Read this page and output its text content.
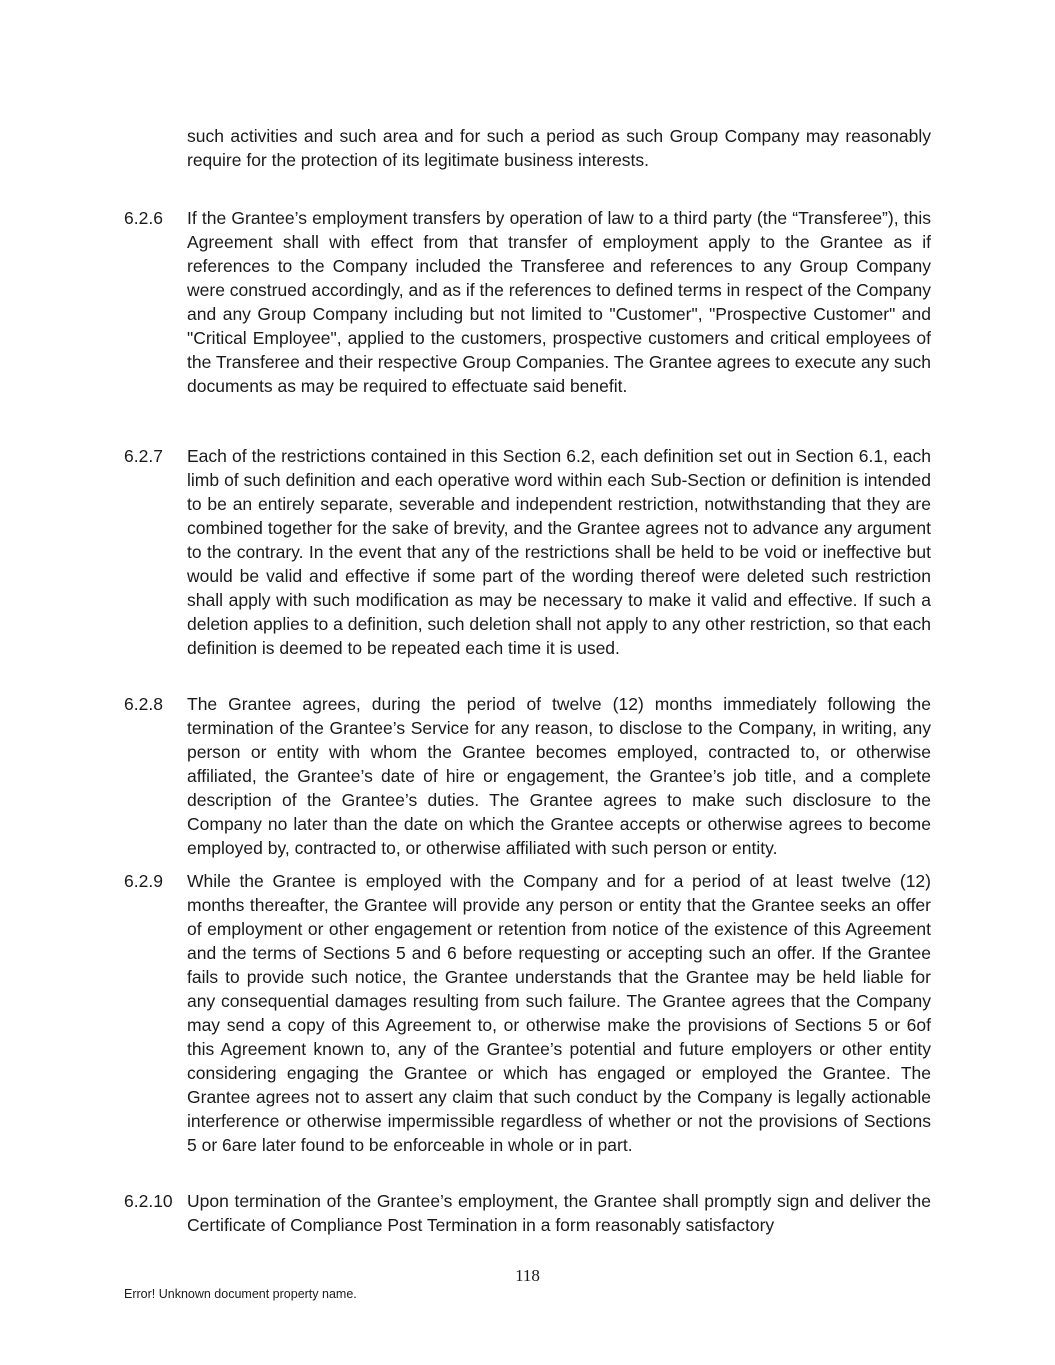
such activities and such area and for such a period as such Group Company may reasonably require for the protection of its legitimate business interests.

6.2.6 If the Grantee’s employment transfers by operation of law to a third party (the “Transferee”), this Agreement shall with effect from that transfer of employment apply to the Grantee as if references to the Company included the Transferee and references to any Group Company were construed accordingly, and as if the references to defined terms in respect of the Company and any Group Company including but not limited to "Customer", "Prospective Customer" and "Critical Employee", applied to the customers, prospective customers and critical employees of the Transferee and their respective Group Companies. The Grantee agrees to execute any such documents as may be required to effectuate said benefit.

6.2.7 Each of the restrictions contained in this Section 6.2, each definition set out in Section 6.1, each limb of such definition and each operative word within each Sub-Section or definition is intended to be an entirely separate, severable and independent restriction, notwithstanding that they are combined together for the sake of brevity, and the Grantee agrees not to advance any argument to the contrary. In the event that any of the restrictions shall be held to be void or ineffective but would be valid and effective if some part of the wording thereof were deleted such restriction shall apply with such modification as may be necessary to make it valid and effective. If such a deletion applies to a definition, such deletion shall not apply to any other restriction, so that each definition is deemed to be repeated each time it is used.

6.2.8 The Grantee agrees, during the period of twelve (12) months immediately following the termination of the Grantee’s Service for any reason, to disclose to the Company, in writing, any person or entity with whom the Grantee becomes employed, contracted to, or otherwise affiliated, the Grantee’s date of hire or engagement, the Grantee’s job title, and a complete description of the Grantee’s duties. The Grantee agrees to make such disclosure to the Company no later than the date on which the Grantee accepts or otherwise agrees to become employed by, contracted to, or otherwise affiliated with such person or entity.

6.2.9 While the Grantee is employed with the Company and for a period of at least twelve (12) months thereafter, the Grantee will provide any person or entity that the Grantee seeks an offer of employment or other engagement or retention from notice of the existence of this Agreement and the terms of Sections 5 and 6 before requesting or accepting such an offer. If the Grantee fails to provide such notice, the Grantee understands that the Grantee may be held liable for any consequential damages resulting from such failure. The Grantee agrees that the Company may send a copy of this Agreement to, or otherwise make the provisions of Sections 5 or 6of this Agreement known to, any of the Grantee’s potential and future employers or other entity considering engaging the Grantee or which has engaged or employed the Grantee. The Grantee agrees not to assert any claim that such conduct by the Company is legally actionable interference or otherwise impermissible regardless of whether or not the provisions of Sections 5 or 6are later found to be enforceable in whole or in part.

6.2.10 Upon termination of the Grantee’s employment, the Grantee shall promptly sign and deliver the Certificate of Compliance Post Termination in a form reasonably satisfactory

118
Error! Unknown document property name.
